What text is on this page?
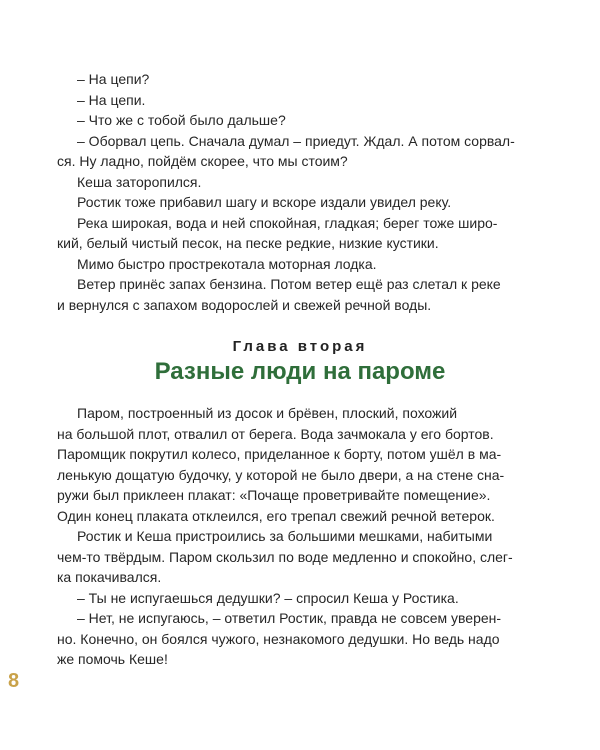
– На цепи?

– На цепи.

– Что же с тобой было дальше?

– Оборвал цепь. Сначала думал – приедут. Ждал. А потом сорвал-

ся. Ну ладно, пойдём скорее, что мы стоим?

Кеша заторопился.

Ростик тоже прибавил шагу и вскоре издали увидел реку.

Река широкая, вода и ней спокойная, гладкая; берег тоже широ-

кий, белый чистый песок, на песке редкие, низкие кустики.

Мимо быстро прострекотала моторная лодка.

Ветер принёс запах бензина. Потом ветер ещё раз слетал к реке

и вернулся с запахом водорослей и свежей речной воды.

Глава вторая
Разные люди на пароме

Паром, построенный из досок и брёвен, плоский, похожий

на большой плот, отвалил от берега. Вода зачмокала у его бортов.

Паромщик покрутил колесо, приделанное к борту, потом ушёл в ма-

ленькую дощатую будочку, у которой не было двери, а на стене сна-

ружи был приклеен плакат: «Почаще проветривайте помещение».

Один конец плаката отклеился, его трепал свежий речной ветерок.

Ростик и Кеша пристроились за большими мешками, набитыми

чем-то твёрдым. Паром скользил по воде медленно и спокойно, слег-

ка покачивался.

– Ты не испугаешься дедушки? – спросил Кеша у Ростика.

– Нет, не испугаюсь, – ответил Ростик, правда не совсем уверен-

но. Конечно, он боялся чужого, незнакомого дедушки. Но ведь надо

же помочь Кеше!

8
